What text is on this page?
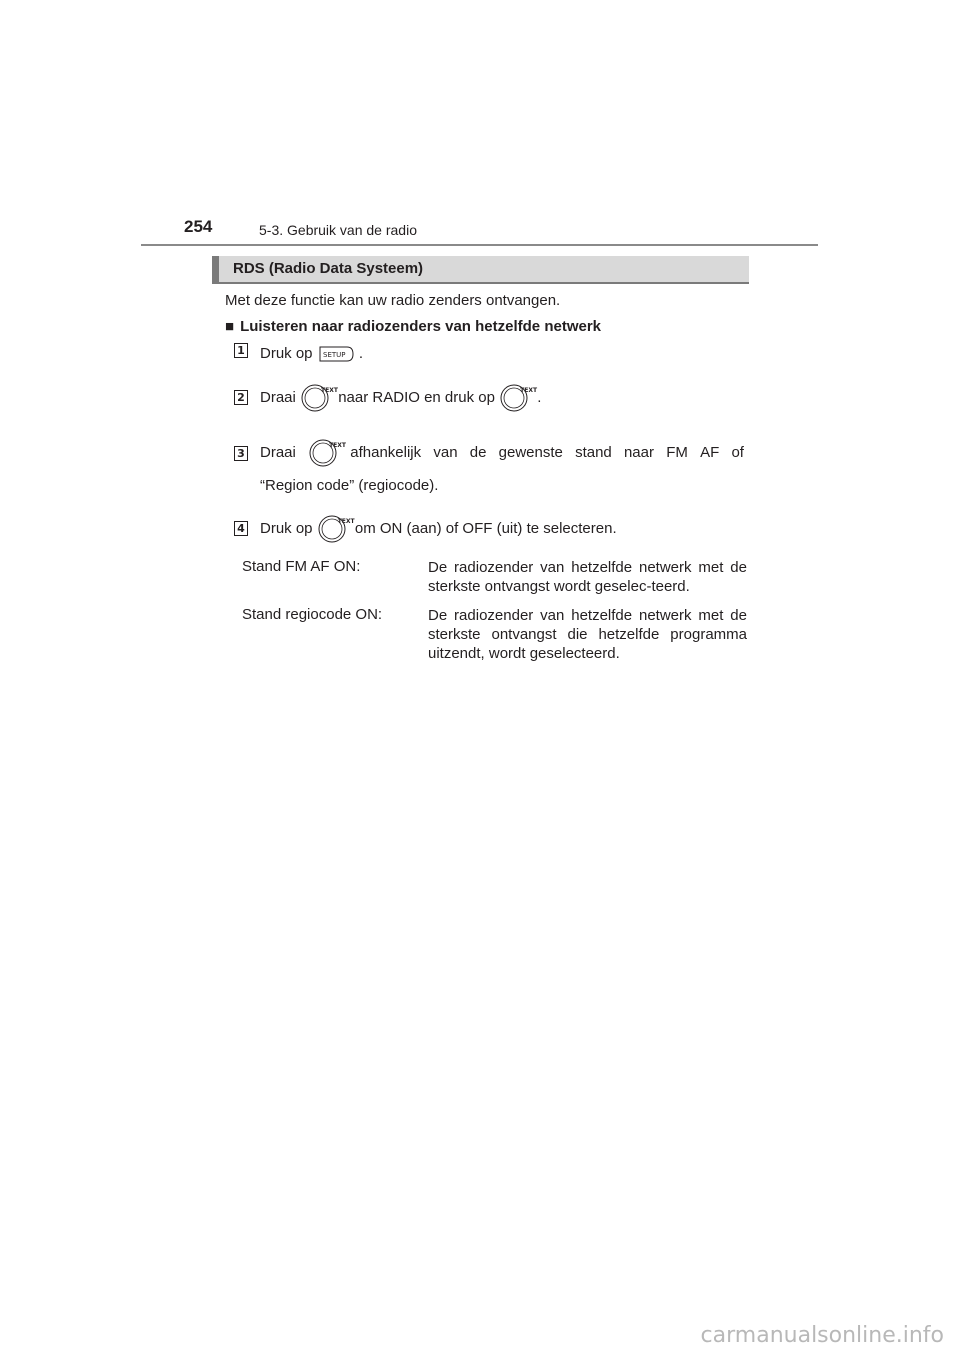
254	5-3. Gebruik van de radio
RDS (Radio Data Systeem)
Met deze functie kan uw radio zenders ontvangen.
■ Luisteren naar radiozenders van hetzelfde netwerk
1 Druk op SETUP .
2 Draai	TEXT naar RADIO en druk op	TEXT .
3 Draai	TEXT afhankelijk van de gewenste stand naar FM AF of
“Region code” (regiocode).
4 Druk op	TEXT om ON (aan) of OFF (uit) te selecteren.
Stand FM AF ON:	De radiozender van hetzelfde netwerk met de sterkste ontvangst wordt geselec-teerd.
Stand regiocode ON:	De radiozender van hetzelfde netwerk met de sterkste ontvangst die hetzelfde programma uitzendt, wordt geselecteerd.
carmanualsonline.info
